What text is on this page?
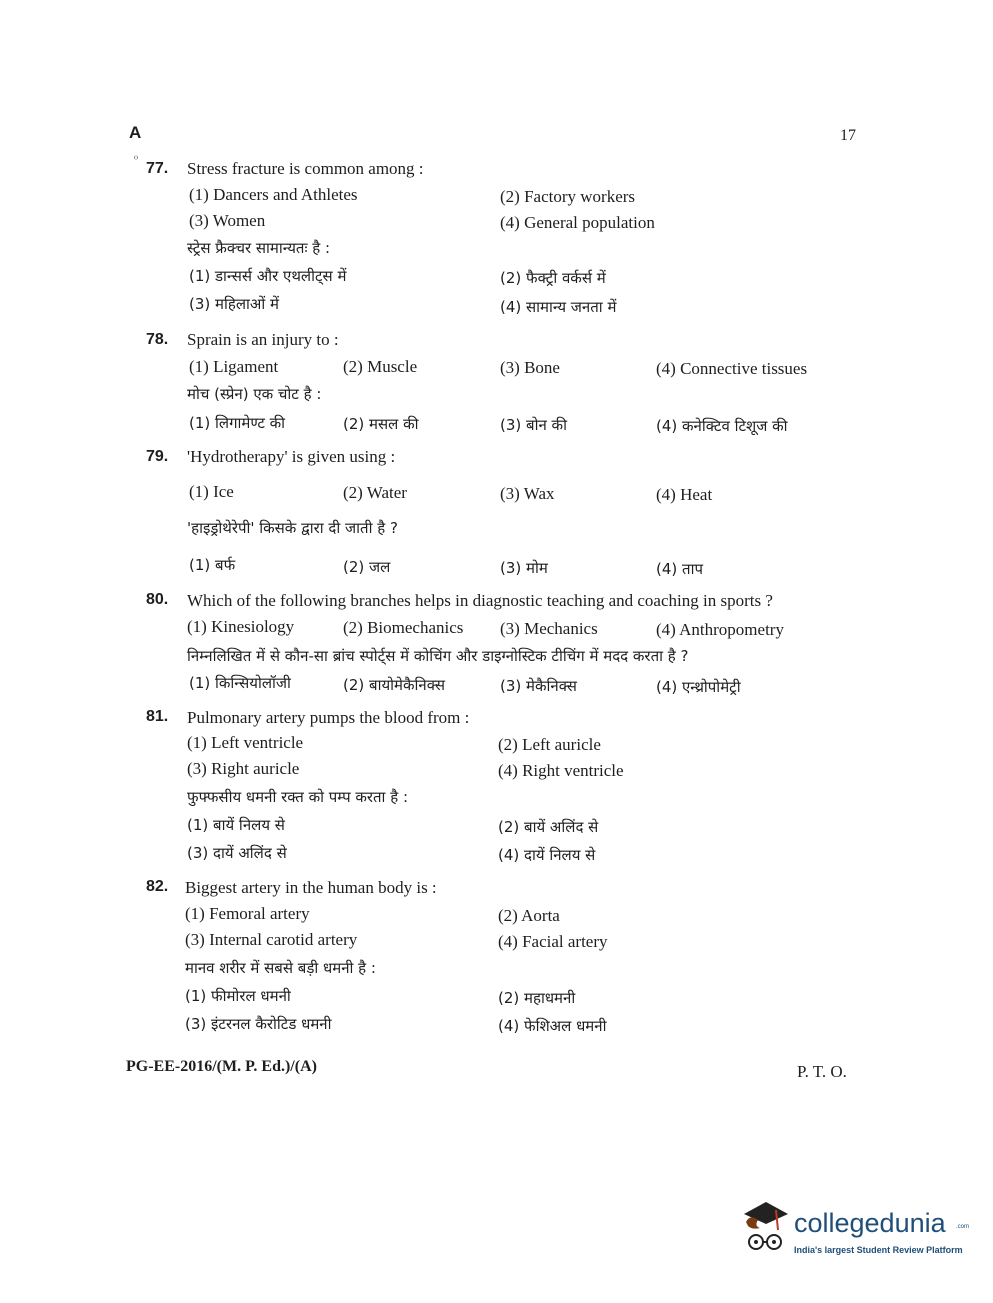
A	17
77. Stress fracture is common among :
(1) Dancers and Athletes	(2) Factory workers
(3) Women	(4) General population
स्ट्रेस फ्रैक्चर सामान्यतः है :
(1) डान्सर्स और एथलीट्स में	(2) फैक्ट्री वर्कर्स में
(3) महिलाओं में	(4) सामान्य जनता में
78. Sprain is an injury to :
(1) Ligament	(2) Muscle	(3) Bone	(4) Connective tissues
मोच (स्प्रेन) एक चोट है :
(1) लिगामेण्ट की	(2) मसल की	(3) बोन की	(4) कनेक्टिव टिशूज की
79. 'Hydrotherapy' is given using :
(1) Ice	(2) Water	(3) Wax	(4) Heat
'हाइड्रोथेरेपी' किसके द्वारा दी जाती है ?
(1) बर्फ	(2) जल	(3) मोम	(4) ताप
80. Which of the following branches helps in diagnostic teaching and coaching in sports ?
(1) Kinesiology	(2) Biomechanics (3) Mechanics	(4) Anthropometry
निम्नलिखित में से कौन-सा ब्रांच स्पोर्ट्स में कोचिंग और डाइग्नोस्टिक टीचिंग में मदद करता है ?
(1) किन्सियोलॉजी	(2) बायोमेकैनिक्स	(3) मेकैनिक्स	(4) एन्थ्रोपोमेट्री
81. Pulmonary artery pumps the blood from :
(1) Left ventricle	(2) Left auricle
(3) Right auricle	(4) Right ventricle
फुफ्फसीय धमनी रक्त को पम्प करता है :
(1) बायें निलय से	(2) बायें अलिंद से
(3) दायें अलिंद से	(4) दायें निलय से
82. Biggest artery in the human body is :
(1) Femoral artery	(2) Aorta
(3) Internal carotid artery	(4) Facial artery
मानव शरीर में सबसे बड़ी धमनी है :
(1) फीमोरल धमनी	(2) महाधमनी
(3) इंटरनल कैरोटिड धमनी	(4) फेशिअल धमनी
PG-EE-2016/(M. P. Ed.)/(A)	P. T. O.
collegedunia .com
India's largest Student Review Platform
